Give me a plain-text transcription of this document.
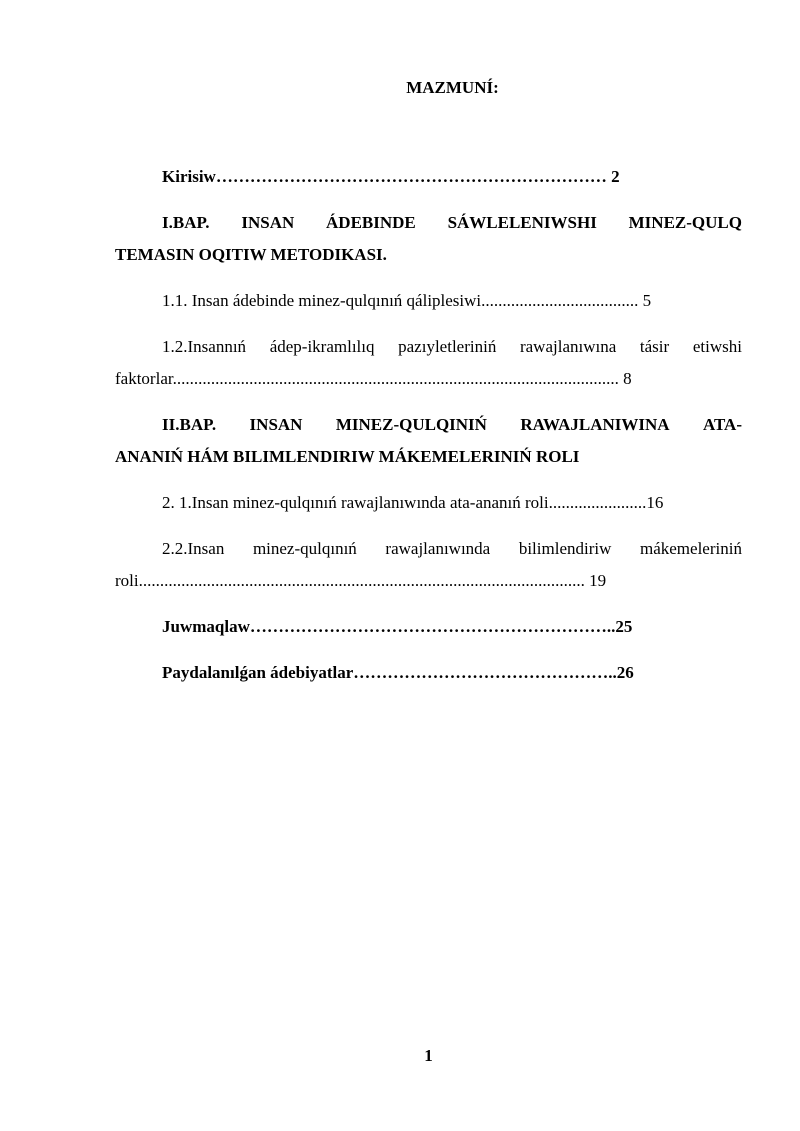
MAZMUNÍ:
Kirisiw…………………………………………………………… 2
I.BAP. INSAN ÁDEBINDE SÁWLELENIWSHI MINEZ-QULQ
TEMASIN OQITIW METODIKASI.
1.1. Insan ádebinde minez-qulqınıń qáliplesiwi..................................... 5
1.2.Insannıń ádep-ikramlılıq pazıyletleriniń rawajlanıwına tásir etiwshi
faktorlar......................................................................................................... 8
II.BAP. INSAN MINEZ-QULQINIŃ RAWAJLANIWINA ATA-
ANANIŃ HÁM BILIMLENDIRIW MÁKEMELERINIŃ ROLI
2. 1.Insan minez-qulqınıń rawajlanıwında ata-ananıń roli.......................16
2.2.Insan minez-qulqınıń rawajlanıwında bilimlendiriw mákemeleriniń
roli......................................................................................................... 19
Juwmaqlaw………………………………………………………..25
Paydalanılǵan ádebiyatlar………………………………………..26
1
